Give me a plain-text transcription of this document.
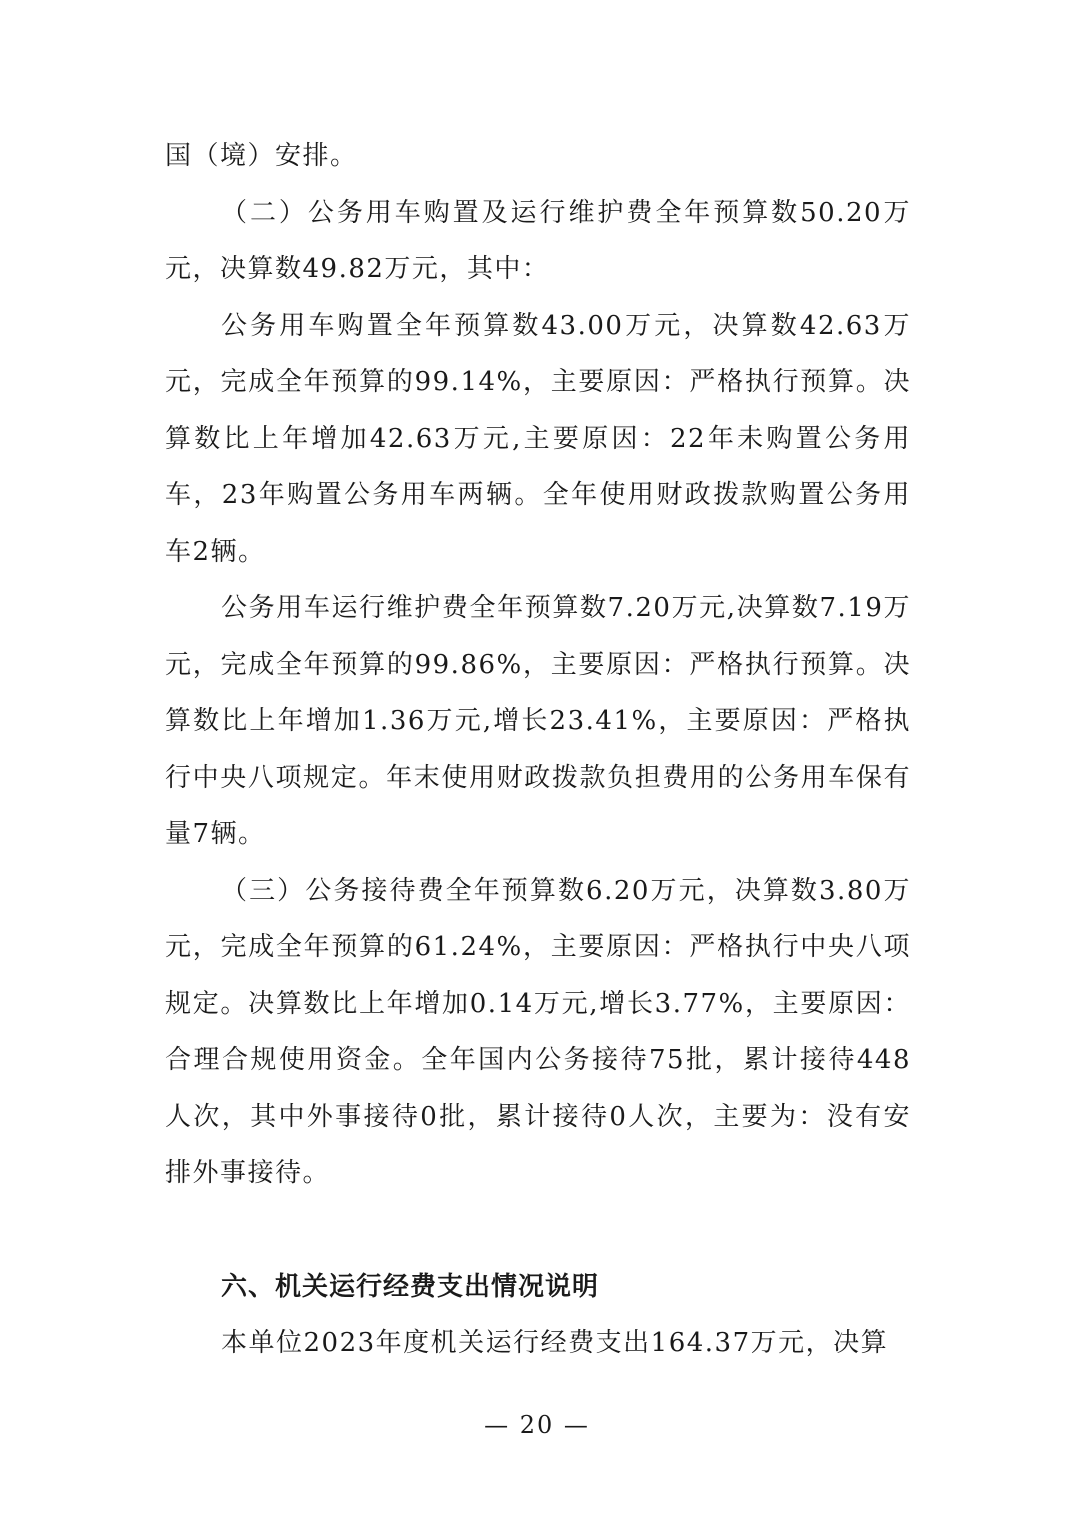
国（境）安排。

（二）公务用车购置及运行维护费全年预算数50.20万元，决算数49.82万元，其中：

公务用车购置全年预算数43.00万元，决算数42.63万元，完成全年预算的99.14%，主要原因：严格执行预算。决算数比上年增加42.63万元,主要原因：22年未购置公务用车，23年购置公务用车两辆。全年使用财政拨款购置公务用车2辆。

公务用车运行维护费全年预算数7.20万元,决算数7.19万元，完成全年预算的99.86%，主要原因：严格执行预算。决算数比上年增加1.36万元,增长23.41%，主要原因：严格执行中央八项规定。年末使用财政拨款负担费用的公务用车保有量7辆。

（三）公务接待费全年预算数6.20万元，决算数3.80万元，完成全年预算的61.24%，主要原因：严格执行中央八项规定。决算数比上年增加0.14万元,增长3.77%，主要原因：合理合规使用资金。全年国内公务接待75批，累计接待448人次，其中外事接待0批，累计接待0人次，主要为：没有安排外事接待。

六、机关运行经费支出情况说明

本单位2023年度机关运行经费支出164.37万元，决算

— 20 —
